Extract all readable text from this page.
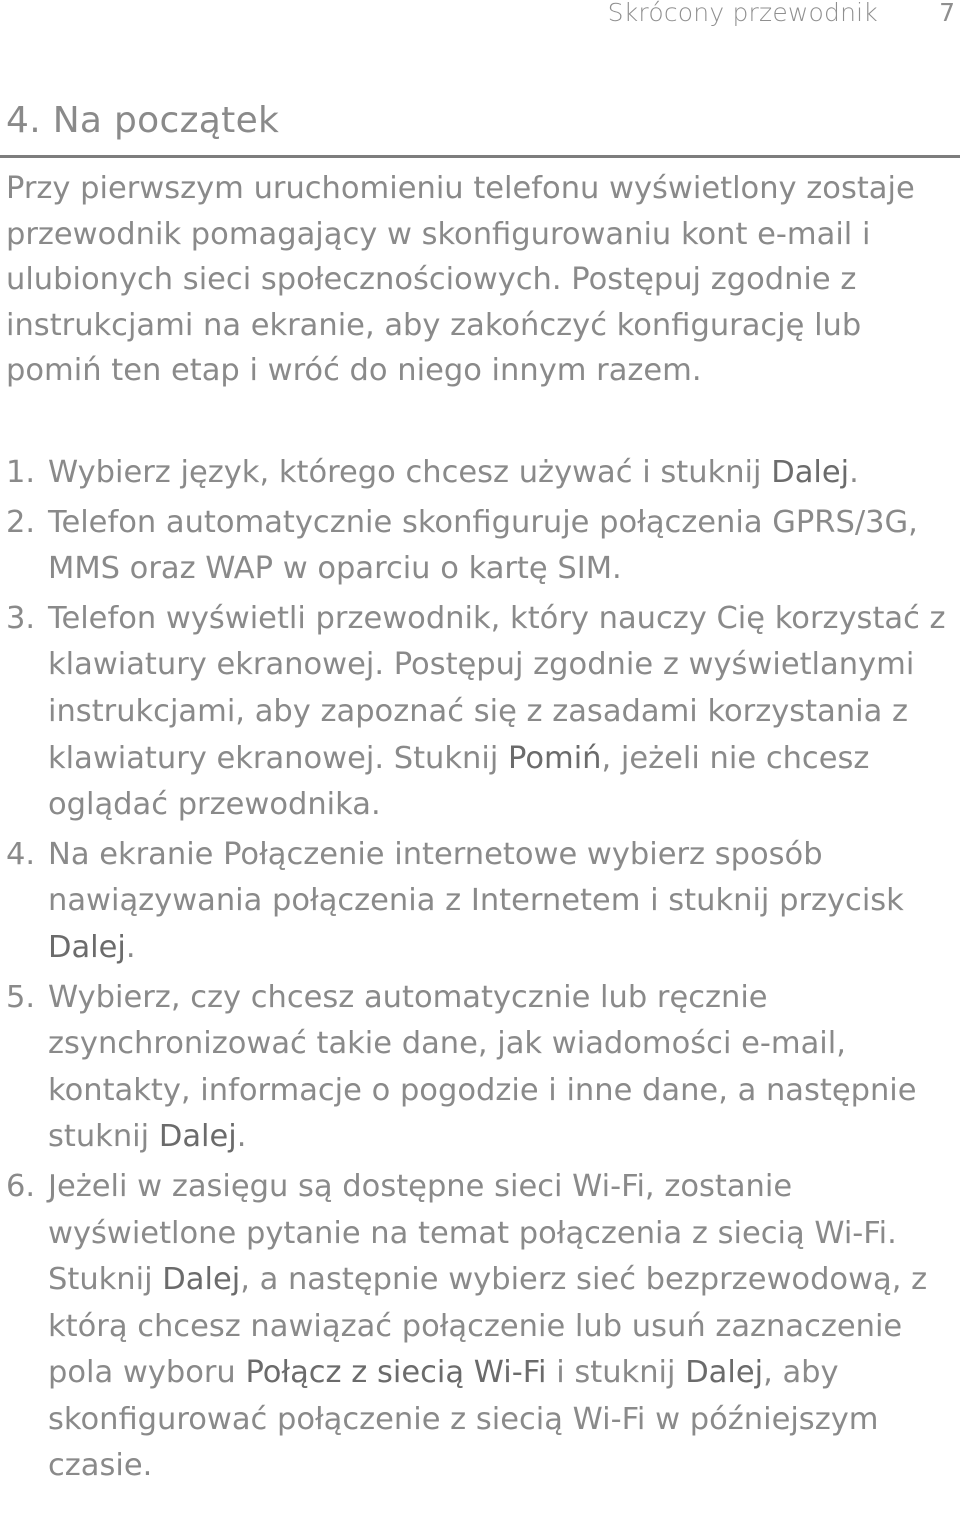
Skrócony przewodnik 7
4. Na początek

Przy pierwszym uruchomieniu telefonu wyświetlony zostaje przewodnik pomagający w skonfigurowaniu kont e-mail i ulubionych sieci społecznościowych. Postępuj zgodnie z instrukcjami na ekranie, aby zakończyć konfigurację lub pomiń ten etap i wróć do niego innym razem.

1. Wybierz język, którego chcesz używać i stuknij Dalej.
2. Telefon automatycznie skonfiguruje połączenia GPRS/3G, MMS oraz WAP w oparciu o kartę SIM.
3. Telefon wyświetli przewodnik, który nauczy Cię korzystać z klawiatury ekranowej. Postępuj zgodnie z wyświetlanymi instrukcjami, aby zapoznać się z zasadami korzystania z klawiatury ekranowej. Stuknij Pomiń, jeżeli nie chcesz oglądać przewodnika.
4. Na ekranie Połączenie internetowe wybierz sposób nawiązywania połączenia z Internetem i stuknij przycisk Dalej.
5. Wybierz, czy chcesz automatycznie lub ręcznie zsynchronizować takie dane, jak wiadomości e-mail, kontakty, informacje o pogodzie i inne dane, a następnie stuknij Dalej.
6. Jeżeli w zasięgu są dostępne sieci Wi-Fi, zostanie wyświetlone pytanie na temat połączenia z siecią Wi-Fi. Stuknij Dalej, a następnie wybierz sieć bezprzewodową, z którą chcesz nawiązać połączenie lub usuń zaznaczenie pola wyboru Połącz z siecią Wi-Fi i stuknij Dalej, aby skonfigurować połączenie z siecią Wi-Fi w późniejszym czasie.
